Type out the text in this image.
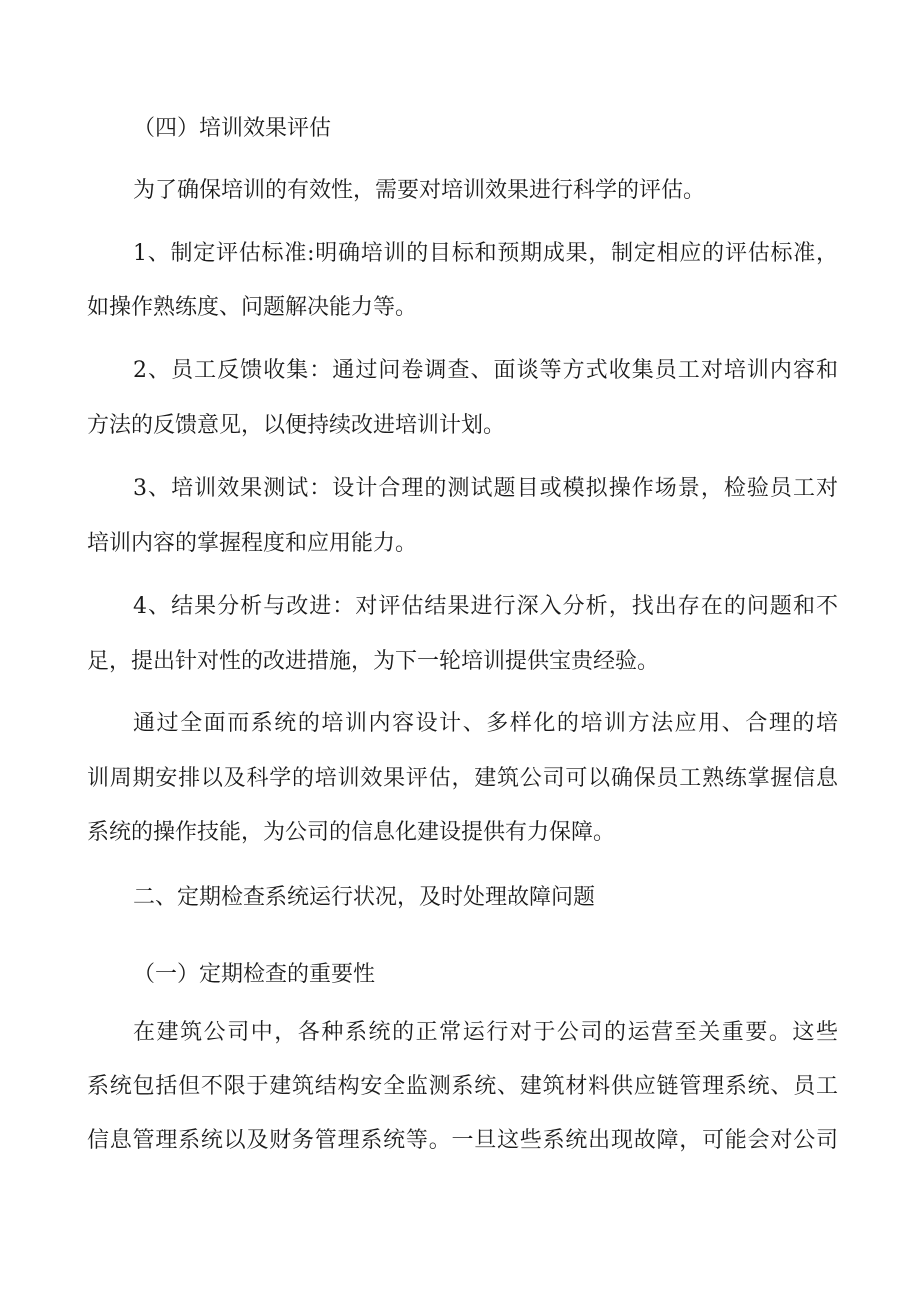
（四）培训效果评估

为了确保培训的有效性，需要对培训效果进行科学的评估。

1、制定评估标准:明确培训的目标和预期成果，制定相应的评估标准，

如操作熟练度、问题解决能力等。

2、员工反馈收集：通过问卷调查、面谈等方式收集员工对培训内容和

方法的反馈意见，以便持续改进培训计划。

3、培训效果测试：设计合理的测试题目或模拟操作场景，检验员工对

培训内容的掌握程度和应用能力。

4、结果分析与改进：对评估结果进行深入分析，找出存在的问题和不

足，提出针对性的改进措施，为下一轮培训提供宝贵经验。

通过全面而系统的培训内容设计、多样化的培训方法应用、合理的培

训周期安排以及科学的培训效果评估，建筑公司可以确保员工熟练掌握信息

系统的操作技能，为公司的信息化建设提供有力保障。

二、定期检查系统运行状况，及时处理故障问题

（一）定期检查的重要性

在建筑公司中，各种系统的正常运行对于公司的运营至关重要。这些

系统包括但不限于建筑结构安全监测系统、建筑材料供应链管理系统、员工

信息管理系统以及财务管理系统等。一旦这些系统出现故障，可能会对公司
